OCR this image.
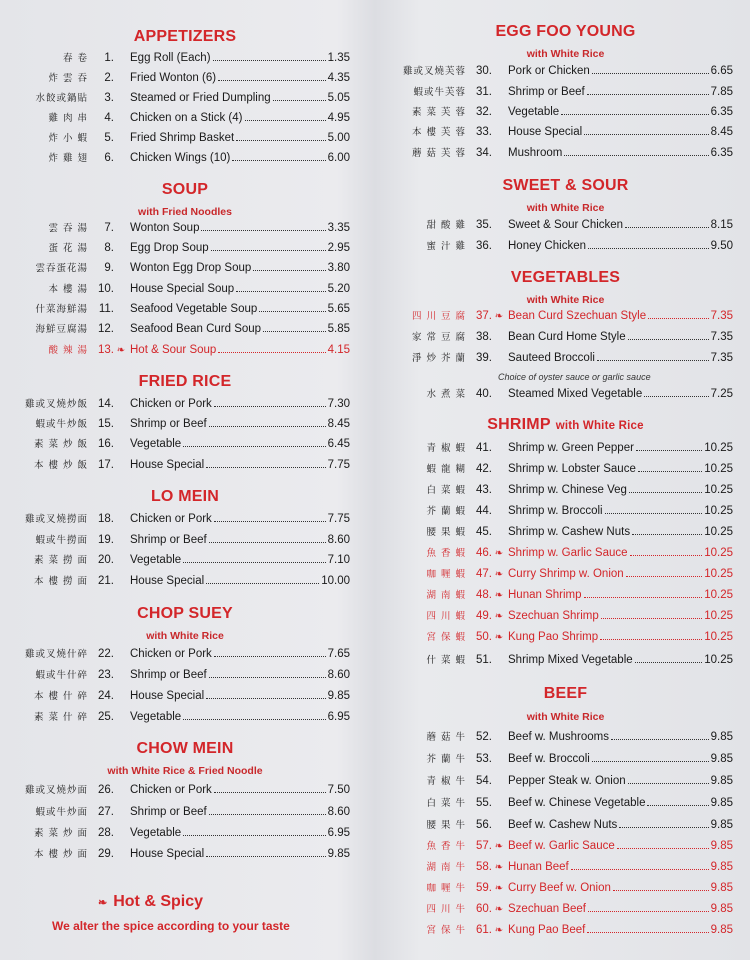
APPETIZERS
春 卷	1. Egg Roll (Each)	1.35
炸 雲 吞	2. Fried Wonton (6)	4.35
水餃或鍋貼	3. Steamed or Fried Dumpling	5.05
雞 肉 串	4. Chicken on a Stick (4)	4.95
炸 小 蝦	5. Fried Shrimp Basket	5.00
炸 雞 翅	6. Chicken Wings (10)	6.00
SOUP
with Fried Noodles
雲 吞 湯	7. Wonton Soup	3.35
蛋 花 湯	8. Egg Drop Soup	2.95
雲吞蛋花湯	9. Wonton Egg Drop Soup	3.80
本 樓 湯 10. House Special Soup	5.20
什菜海鮮湯 11. Seafood Vegetable Soup	5.65
海鮮豆腐湯 12. Seafood Bean Curd Soup	5.85
酸 辣 湯 13. ❧ Hot & Sour Soup	4.15
FRIED RICE
雞或叉燒炒飯 14. Chicken or Pork	7.30
蝦或牛炒飯 15. Shrimp or Beef	8.45
素 菜 炒 飯 16. Vegetable	6.45
本 樓 炒 飯 17. House Special	7.75
LO MEIN
雞或叉燒撈面 18. Chicken or Pork	7.75
蝦或牛撈面 19. Shrimp or Beef	8.60
素 菜 撈 面 20. Vegetable	7.10
本 樓 撈 面 21. House Special	10.00
CHOP SUEY
with White Rice
雞或叉燒什碎 22. Chicken or Pork	7.65
蝦或牛什碎 23. Shrimp or Beef	8.60
本 樓 什 碎 24. House Special	9.85
素 菜 什 碎 25. Vegetable	6.95
CHOW MEIN
with White Rice & Fried Noodle
雞或叉燒炒面 26. Chicken or Pork	7.50
蝦或牛炒面 27. Shrimp or Beef	8.60
素 菜 炒 面 28. Vegetable	6.95
本 樓 炒 面 29. House Special	9.85
EGG FOO YOUNG
with White Rice
雞或叉燒芙蓉 30. Pork or Chicken	6.65
蝦或牛芙蓉 31. Shrimp or Beef	7.85
素 菜 芙 蓉 32. Vegetable	6.35
本 樓 芙 蓉 33. House Special	8.45
蘑 菇 芙 蓉 34. Mushroom	6.35
SWEET & SOUR
with White Rice
甜 酸 雞 35. Sweet & Sour Chicken	8.15
蜜 汁 雞 36. Honey Chicken	9.50
VEGETABLES
with White Rice
Choice of oyster sauce or garlic sauce
四 川 豆 腐 37. ❧ Bean Curd Szechuan Style	7.35
家 常 豆 腐 38. Bean Curd Home Style	7.35
淨 炒 芥 蘭 39. Sauteed Broccoli	7.35
水 煮 菜 40. Steamed Mixed Vegetable	7.25
SHRIMP with White Rice
青 椒 蝦 41. Shrimp w. Green Pepper	10.25
蝦 龍 糊 42. Shrimp w. Lobster Sauce	10.25
白 菜 蝦 43. Shrimp w. Chinese Veg	10.25
芥 蘭 蝦 44. Shrimp w. Broccoli	10.25
腰 果 蝦 45. Shrimp w. Cashew Nuts	10.25
魚 香 蝦 46. ❧ Shrimp w. Garlic Sauce	10.25
咖 喱 蝦 47. ❧ Curry Shrimp w. Onion	10.25
湖 南 蝦 48. ❧ Hunan Shrimp	10.25
四 川 蝦 49. ❧ Szechuan Shrimp	10.25
宮 保 蝦 50. ❧ Kung Pao Shrimp	10.25
什 菜 蝦 51. Shrimp Mixed Vegetable	10.25
BEEF
with White Rice
蘑 菇 牛 52. Beef w. Mushrooms	9.85
芥 蘭 牛 53. Beef w. Broccoli	9.85
青 椒 牛 54. Pepper Steak w. Onion	9.85
白 菜 牛 55. Beef w. Chinese Vegetable	9.85
腰 果 牛 56. Beef w. Cashew Nuts	9.85
魚 香 牛 57. ❧ Beef w. Garlic Sauce	9.85
湖 南 牛 58. ❧ Hunan Beef	9.85
咖 喱 牛 59. ❧ Curry Beef w. Onion	9.85
四 川 牛 60. ❧ Szechuan Beef	9.85
宮 保 牛 61. ❧ Kung Pao Beef	9.85
❧ Hot & Spicy
We alter the spice according to your taste
